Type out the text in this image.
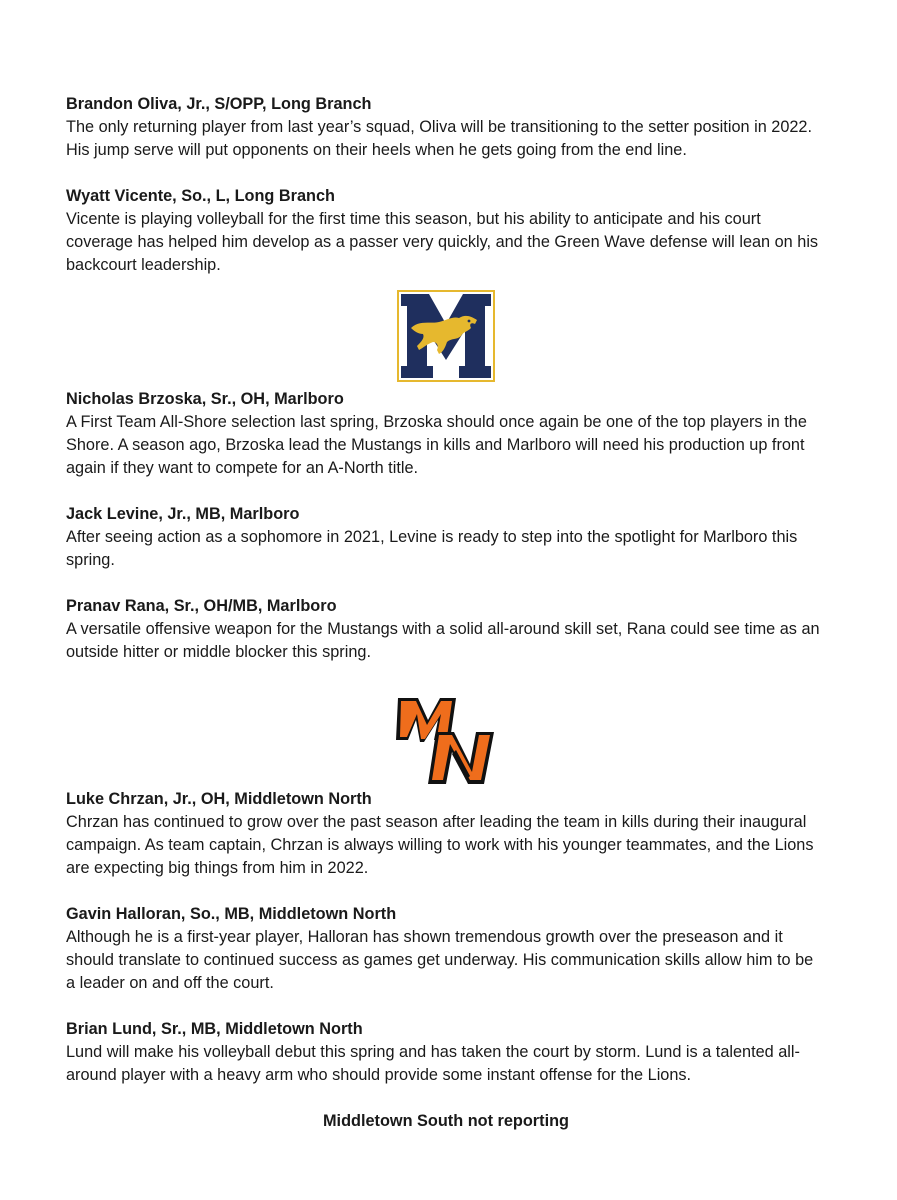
Brandon Oliva, Jr., S/OPP, Long Branch
The only returning player from last year’s squad, Oliva will be transitioning to the setter position in 2022. His jump serve will put opponents on their heels when he gets going from the end line.
Wyatt Vicente, So., L, Long Branch
Vicente is playing volleyball for the first time this season, but his ability to anticipate and his court coverage has helped him develop as a passer very quickly, and the Green Wave defense will lean on his backcourt leadership.
Nicholas Brzoska, Sr., OH, Marlboro
A First Team All-Shore selection last spring, Brzoska should once again be one of the top players in the Shore. A season ago, Brzoska lead the Mustangs in kills and Marlboro will need his production up front again if they want to compete for an A-North title.
Jack Levine, Jr., MB, Marlboro
After seeing action as a sophomore in 2021, Levine is ready to step into the spotlight for Marlboro this spring.
Pranav Rana, Sr., OH/MB, Marlboro
A versatile offensive weapon for the Mustangs with a solid all-around skill set, Rana could see time as an outside hitter or middle blocker this spring.
Luke Chrzan, Jr., OH, Middletown North
Chrzan has continued to grow over the past season after leading the team in kills during their inaugural campaign. As team captain, Chrzan is always willing to work with his younger teammates, and the Lions are expecting big things from him in 2022.
Gavin Halloran, So., MB, Middletown North
Although he is a first-year player, Halloran has shown tremendous growth over the preseason and it should translate to continued success as games get underway. His communication skills allow him to be a leader on and off the court.
Brian Lund, Sr., MB, Middletown North
Lund will make his volleyball debut this spring and has taken the court by storm. Lund is a talented all-around player with a heavy arm who should provide some instant offense for the Lions.
Middletown South not reporting
